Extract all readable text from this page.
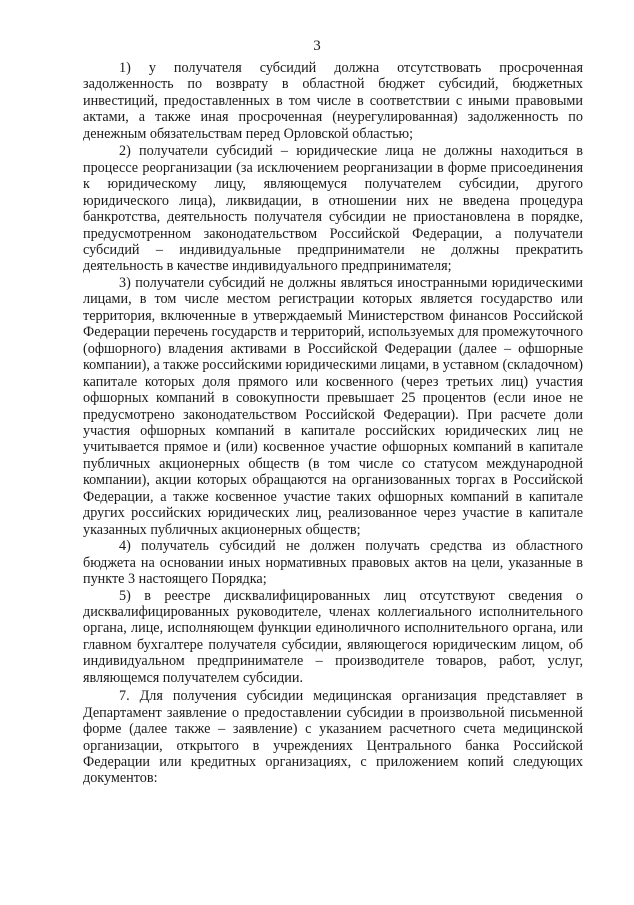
3

1) у получателя субсидий должна отсутствовать просроченная задолженность по возврату в областной бюджет субсидий, бюджетных инвестиций, предоставленных в том числе в соответствии с иными правовыми актами, а также иная просроченная (неурегулированная) задолженность по денежным обязательствам перед Орловской областью;

2) получатели субсидий – юридические лица не должны находиться в процессе реорганизации (за исключением реорганизации в форме присоединения к юридическому лицу, являющемуся получателем субсидии, другого юридического лица), ликвидации, в отношении них не введена процедура банкротства, деятельность получателя субсидии не приостановлена в порядке, предусмотренном законодательством Российской Федерации, а получатели субсидий – индивидуальные предприниматели не должны прекратить деятельность в качестве индивидуального предпринимателя;

3) получатели субсидий не должны являться иностранными юридическими лицами, в том числе местом регистрации которых является государство или территория, включенные в утверждаемый Министерством финансов Российской Федерации перечень государств и территорий, используемых для промежуточного (офшорного) владения активами в Российской Федерации (далее – офшорные компании), а также российскими юридическими лицами, в уставном (складочном) капитале которых доля прямого или косвенного (через третьих лиц) участия офшорных компаний в совокупности превышает 25 процентов (если иное не предусмотрено законодательством Российской Федерации). При расчете доли участия офшорных компаний в капитале российских юридических лиц не учитывается прямое и (или) косвенное участие офшорных компаний в капитале публичных акционерных обществ (в том числе со статусом международной компании), акции которых обращаются на организованных торгах в Российской Федерации, а также косвенное участие таких офшорных компаний в капитале других российских юридических лиц, реализованное через участие в капитале указанных публичных акционерных обществ;

4) получатель субсидий не должен получать средства из областного бюджета на основании иных нормативных правовых актов на цели, указанные в пункте 3 настоящего Порядка;

5) в реестре дисквалифицированных лиц отсутствуют сведения о дисквалифицированных руководителе, членах коллегиального исполнительного органа, лице, исполняющем функции единоличного исполнительного органа, или главном бухгалтере получателя субсидии, являющегося юридическим лицом, об индивидуальном предпринимателе – производителе товаров, работ, услуг, являющемся получателем субсидии.

7. Для получения субсидии медицинская организация представляет в Департамент заявление о предоставлении субсидии в произвольной письменной форме (далее также – заявление) с указанием расчетного счета медицинской организации, открытого в учреждениях Центрального банка Российской Федерации или кредитных организациях, с приложением копий следующих документов:
